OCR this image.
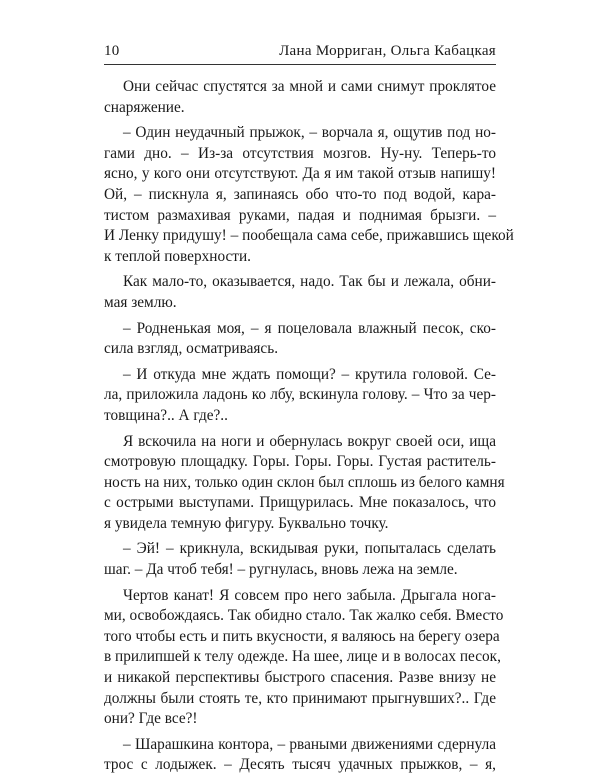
10	Лана Морриган, Ольга Кабацкая
Они сейчас спустятся за мной и сами снимут проклятое
снаряжение.
– Один неудачный прыжок, – ворчала я, ощутив под но-
гами дно. – Из-за отсутствия мозгов. Ну-ну. Теперь-то
ясно, у кого они отсутствуют. Да я им такой отзыв напишу!
Ой, – пискнула я, запинаясь обо что-то под водой, кара-
тистом размахивая руками, падая и поднимая брызги. –
И Ленку придушу! – пообещала сама себе, прижавшись щекой
к теплой поверхности.
Как мало-то, оказывается, надо. Так бы и лежала, обни-
мая землю.
– Родненькая моя, – я поцеловала влажный песок, ско-
сила взгляд, осматриваясь.
– И откуда мне ждать помощи? – крутила головой. Се-
ла, приложила ладонь ко лбу, вскинула голову. – Что за чер-
товщина?.. А где?..
Я вскочила на ноги и обернулась вокруг своей оси, ища
смотровую площадку. Горы. Горы. Горы. Густая раститель-
ность на них, только один склон был сплошь из белого камня
с острыми выступами. Прищурилась. Мне показалось, что
я увидела темную фигуру. Буквально точку.
– Эй! – крикнула, вскидывая руки, попыталась сделать
шаг. – Да чтоб тебя! – ругнулась, вновь лежа на земле.
Чертов канат! Я совсем про него забыла. Дрыгала нога-
ми, освобождаясь. Так обидно стало. Так жалко себя. Вместо
того чтобы есть и пить вкусности, я валяюсь на берегу озера
в прилипшей к телу одежде. На шее, лице и в волосах песок,
и никакой перспективы быстрого спасения. Разве внизу не
должны были стоять те, кто принимают прыгнувших?.. Где
они? Где все?!
– Шарашкина контора, – рваными движениями сдернула
трос с лодыжек. – Десять тысяч удачных прыжков, – я,
